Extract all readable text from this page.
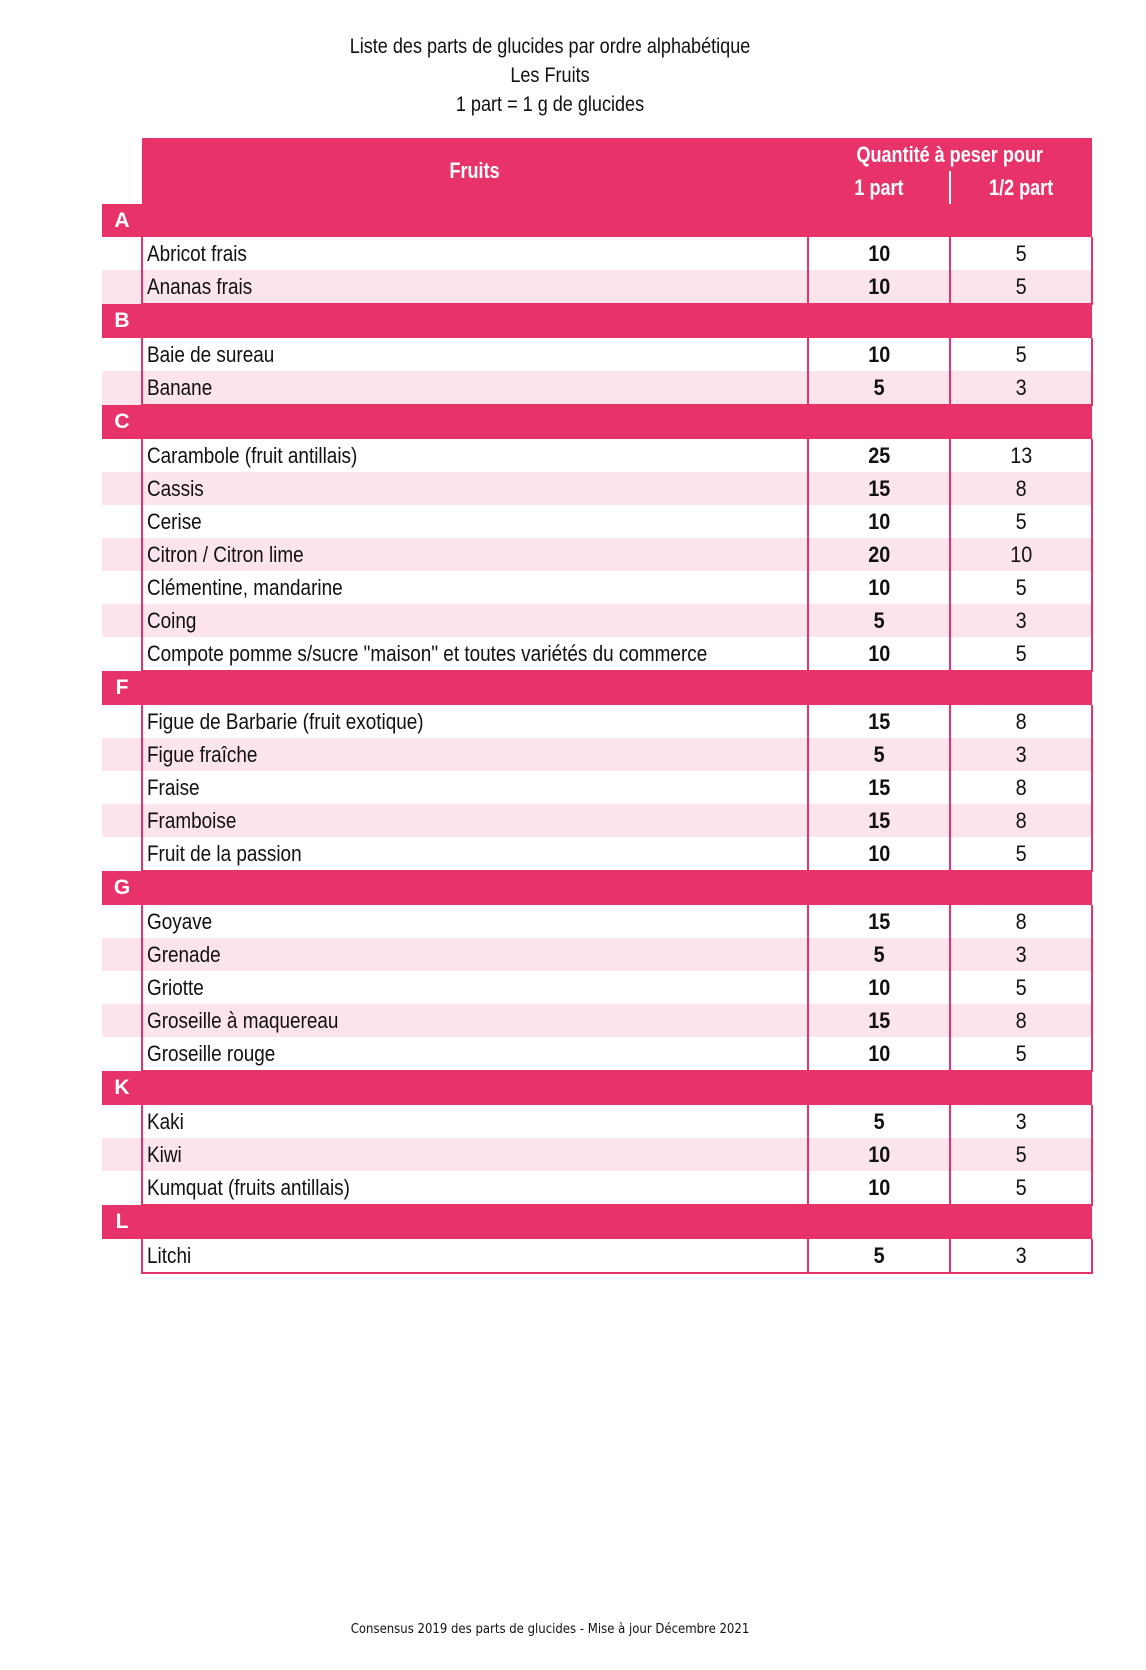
Liste des parts de glucides par ordre alphabétique
Les Fruits
1 part = 1 g de glucides
	Fruits	Quantité à peser pour	
		1 part	1/2 part
A			
	Abricot frais	10	5
	Ananas frais	10	5
B			
	Baie de sureau	10	5
	Banane	5	3
C			
	Carambole (fruit antillais)	25	13
	Cassis	15	8
	Cerise	10	5
	Citron / Citron lime	20	10
	Clémentine, mandarine	10	5
	Coing	5	3
	Compote pomme s/sucre "maison" et toutes variétés du commerce	10	5
F			
	Figue de Barbarie (fruit exotique)	15	8
	Figue fraîche	5	3
	Fraise	15	8
	Framboise	15	8
	Fruit de la passion	10	5
G			
	Goyave	15	8
	Grenade	5	3
	Griotte	10	5
	Groseille à maquereau	15	8
	Groseille rouge	10	5
K			
	Kaki	5	3
	Kiwi	10	5
	Kumquat (fruits antillais)	10	5
L			
	Litchi	5	3
Consensus 2019 des parts de glucides - Mise à jour Décembre 2021
